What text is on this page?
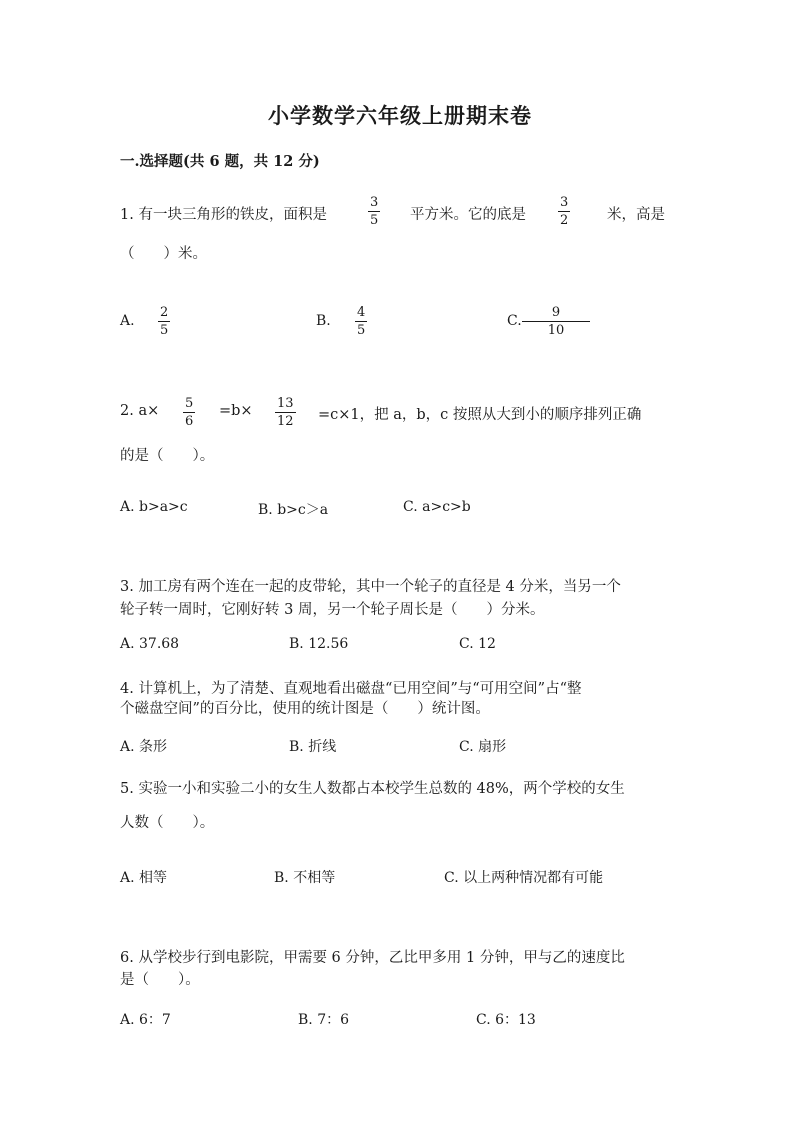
小学数学六年级上册期末卷
一.选择题(共 6 题，共 12 分)
1. 有一块三角形的铁皮，面积是
3
5 平方米。它的底是
3
2	米，高是
（　　）米。
A.
2
5
B.
4
5
C.
9
10
2. a× 5
6
=b× 13
12 =c×1，把 a，b，c 按照从大到小的顺序排列正确
的是（　　）。
A. b>a>c	B. b>c＞a	C. a>c>b
3. 加工房有两个连在一起的皮带轮，其中一个轮子的直径是 4 分米，当另一个
轮子转一周时，它刚好转 3 周，另一个轮子周长是（　　）分米。
A. 37.68	B. 12.56	C. 12
4. 计算机上，为了清楚、直观地看出磁盘“已用空间”与“可用空间”占“整
个磁盘空间”的百分比，使用的统计图是（　　）统计图。
A. 条形	B. 折线	C. 扇形
5. 实验一小和实验二小的女生人数都占本校学生总数的 48%，两个学校的女生
人数（　　）。
A. 相等	B. 不相等	C. 以上两种情况都有可能
6. 从学校步行到电影院，甲需要 6 分钟，乙比甲多用 1 分钟，甲与乙的速度比
是（　　）。
A. 6：7	B. 7：6	C. 6：13
